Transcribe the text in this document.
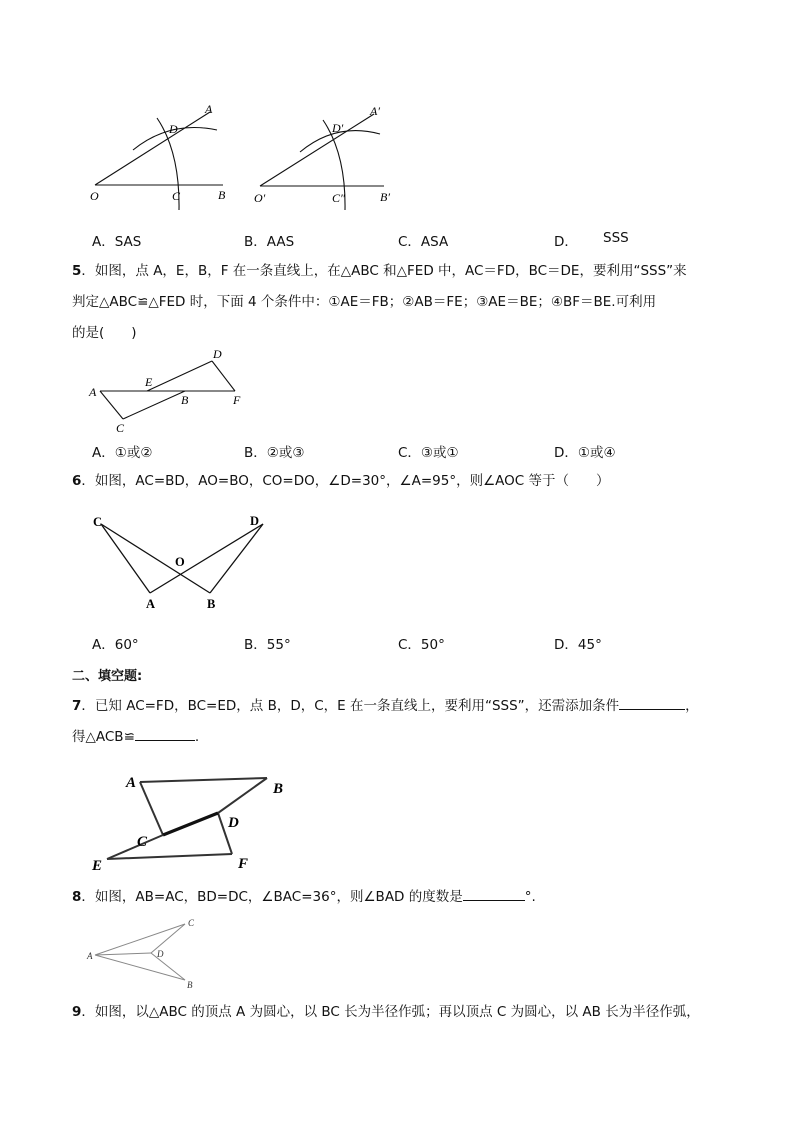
A
D
O	C	B
A′
D′
O′	C″	B′
A．SAS	B．AAS	C．ASA	D． SSS
5．如图，点 A，E，B，F 在一条直线上，在△ABC 和△FED 中，AC＝FD，BC＝DE，要利用“SSS”来
判定△ABC≌△FED 时，下面 4 个条件中：①AE＝FB；②AB＝FE；③AE＝BE；④BF＝BE.可利用
的是(　　)
A
E
B	F
C
D
A．①或②	B．②或③	C．③或①	D．①或④
6．如图，AC=BD，AO=BO，CO=DO，∠D=30°，∠A=95°，则∠AOC 等于（　　）
C	D
O
A	B
A．60°	B．55°	C．50°	D．45°
二、填空题:
7．已知 AC=FD，BC=ED，点 B，D，C，E 在一条直线上，要利用“SSS”，还需添加条件	，
得△ACB≌	.
A	B
C
D
E	F
8．如图，AB=AC，BD=DC，∠BAC=36°，则∠BAD 的度数是	°.
A
C
D
B
9．如图，以△ABC 的顶点 A 为圆心，以 BC 长为半径作弧；再以顶点 C 为圆心，以 AB 长为半径作弧，
